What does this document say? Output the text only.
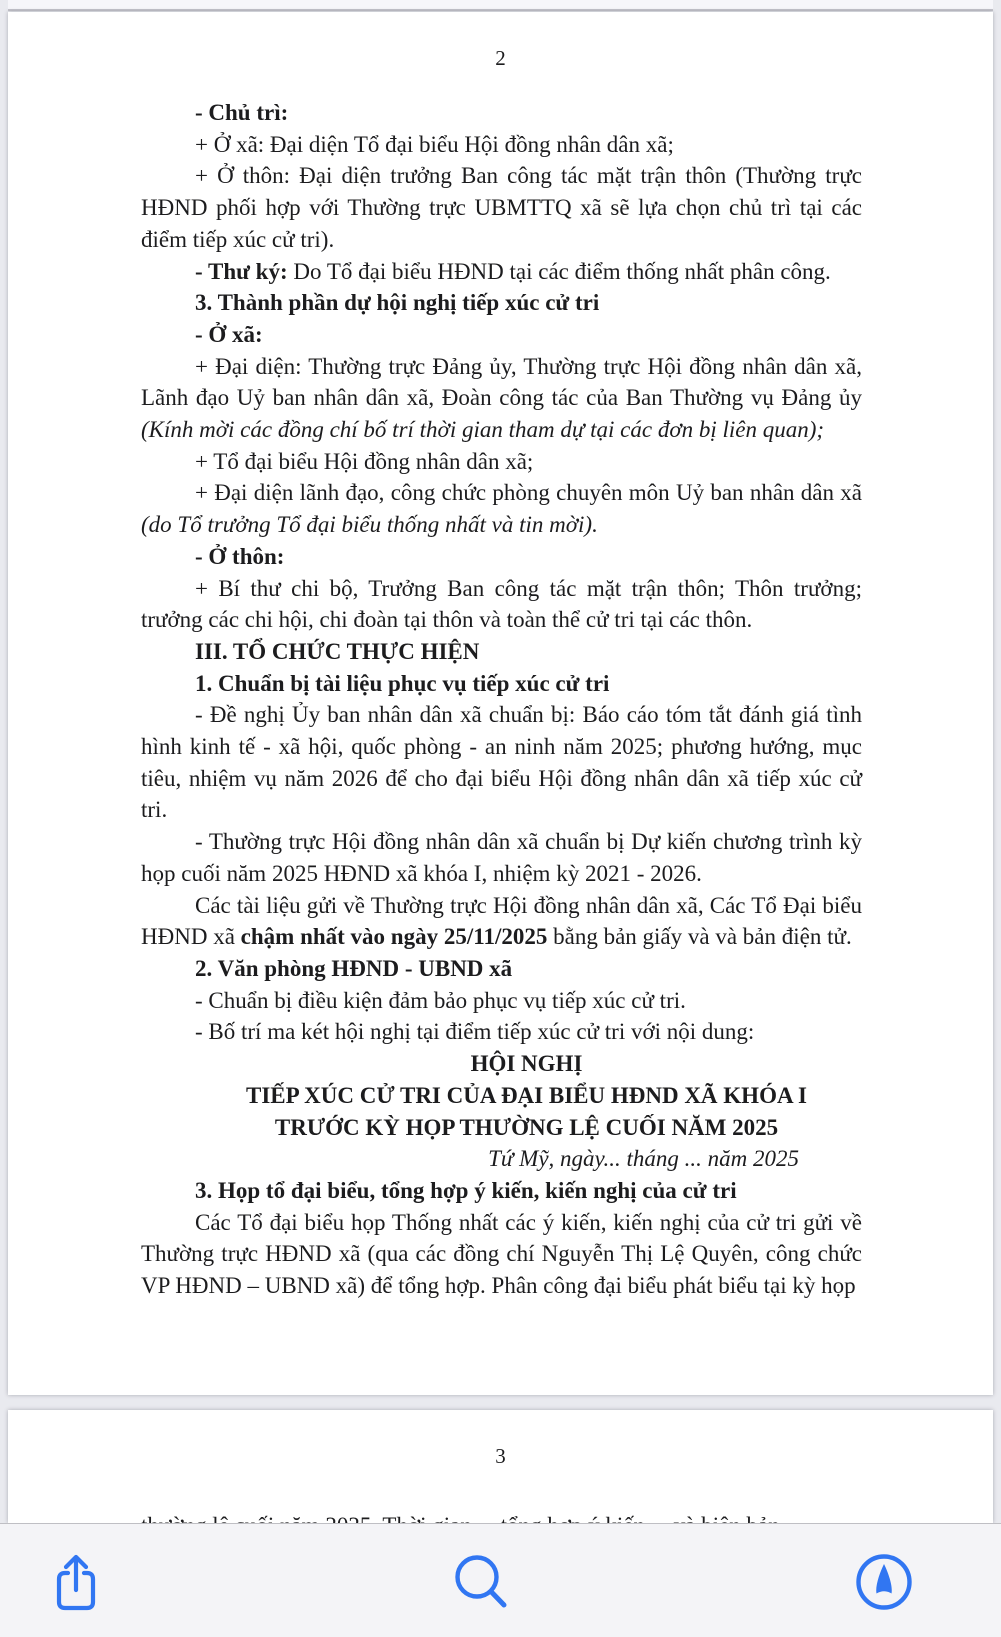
2

- Chủ trì:

+ Ở xã: Đại diện Tổ đại biểu Hội đồng nhân dân xã;

+ Ở thôn: Đại diện trưởng Ban công tác mặt trận thôn (Thường trực HĐND phối hợp với Thường trực UBMTTQ xã sẽ lựa chọn chủ trì tại các điểm tiếp xúc cử tri).

- Thư ký: Do Tổ đại biểu HĐND tại các điểm thống nhất phân công.

3. Thành phần dự hội nghị tiếp xúc cử tri

- Ở xã:

+ Đại diện: Thường trực Đảng ủy, Thường trực Hội đồng nhân dân xã, Lãnh đạo Uỷ ban nhân dân xã, Đoàn công tác của Ban Thường vụ Đảng ủy (Kính mời các đồng chí bố trí thời gian tham dự tại các đơn bị liên quan);

+ Tổ đại biểu Hội đồng nhân dân xã;

+ Đại diện lãnh đạo, công chức phòng chuyên môn Uỷ ban nhân dân xã (do Tổ trưởng Tổ đại biểu thống nhất và tin mời).

- Ở thôn:

+ Bí thư chi bộ, Trưởng Ban công tác mặt trận thôn; Thôn trưởng; trưởng các chi hội, chi đoàn tại thôn và toàn thể cử tri tại các thôn.

III. TỔ CHỨC THỰC HIỆN

1. Chuẩn bị tài liệu phục vụ tiếp xúc cử tri

- Đề nghị Ủy ban nhân dân xã chuẩn bị: Báo cáo tóm tắt đánh giá tình hình kinh tế - xã hội, quốc phòng - an ninh năm 2025; phương hướng, mục tiêu, nhiệm vụ năm 2026 để cho đại biểu Hội đồng nhân dân xã tiếp xúc cử tri.

- Thường trực Hội đồng nhân dân xã chuẩn bị Dự kiến chương trình kỳ họp cuối năm 2025 HĐND xã khóa I, nhiệm kỳ 2021 - 2026.

Các tài liệu gửi về Thường trực Hội đồng nhân dân xã, Các Tổ Đại biểu HĐND xã chậm nhất vào ngày 25/11/2025 bằng bản giấy và và bản điện tử.

2. Văn phòng HĐND - UBND xã

- Chuẩn bị điều kiện đảm bảo phục vụ tiếp xúc cử tri.

- Bố trí ma két hội nghị tại điểm tiếp xúc cử tri với nội dung:

HỘI NGHỊ

TIẾP XÚC CỬ TRI CỦA ĐẠI BIỂU HĐND XÃ KHÓA I

TRƯỚC KỲ HỌP THƯỜNG LỆ CUỐI NĂM 2025

Tứ Mỹ, ngày... tháng ... năm 2025

3. Họp tổ đại biểu, tổng hợp ý kiến, kiến nghị của cử tri

Các Tổ đại biểu họp Thống nhất các ý kiến, kiến nghị của cử tri gửi về Thường trực HĐND xã (qua các đồng chí Nguyễn Thị Lệ Quyên, công chức VP HĐND – UBND xã) để tổng hợp. Phân công đại biểu phát biểu tại kỳ họp

3
